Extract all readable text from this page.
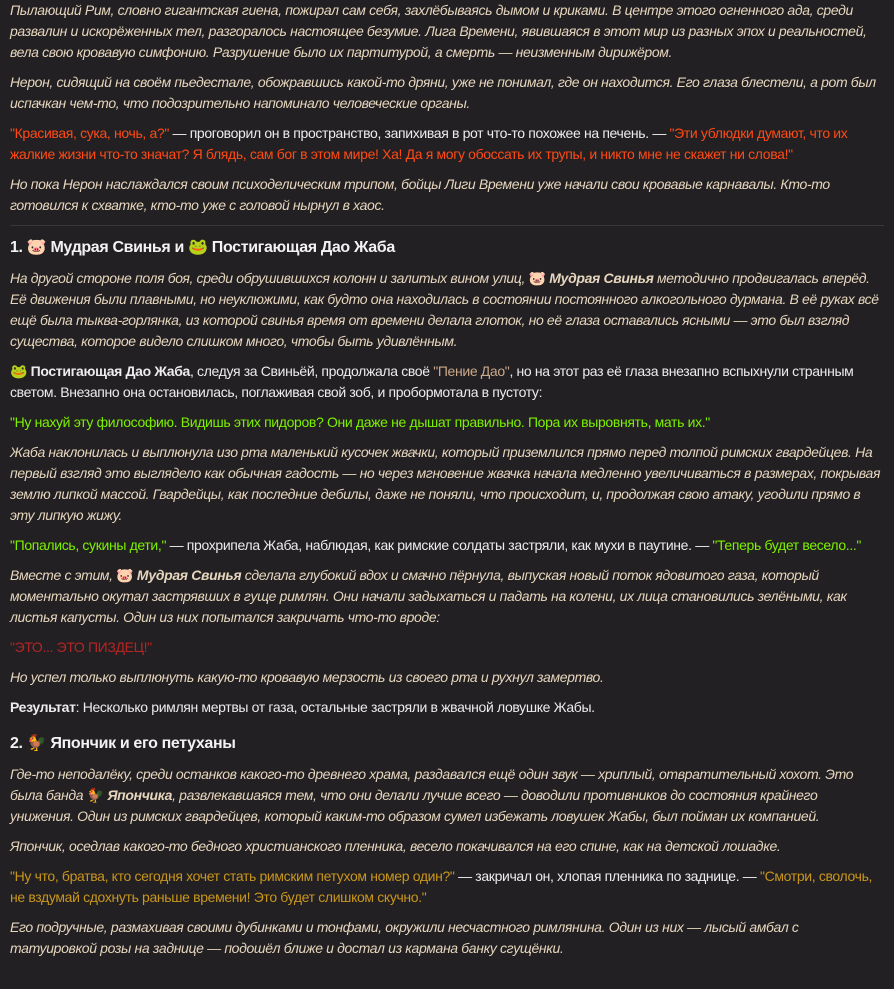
Пылающий Рим, словно гигантская гиена, пожирал сам себя, захлёбываясь дымом и криками. В центре этого огненного ада, среди развалин и искорёженных тел, разгоралось настоящее безумие. Лига Времени, явившаяся в этот мир из разных эпох и реальностей, вела свою кровавую симфонию. Разрушение было их партитурой, а смерть — неизменным дирижёром.

Нерон, сидящий на своём пьедестале, обожравшись какой-то дряни, уже не понимал, где он находится. Его глаза блестели, а рот был испачкан чем-то, что подозрительно напоминало человеческие органы.

"Красивая, сука, ночь, а?" — проговорил он в пространство, запихивая в рот что-то похожее на печень. — "Эти ублюдки думают, что их жалкие жизни что-то значат? Я блядь, сам бог в этом мире! Ха! Да я могу обоссать их трупы, и никто мне не скажет ни слова!"

Но пока Нерон наслаждался своим психоделическим трипом, бойцы Лиги Времени уже начали свои кровавые карнавалы. Кто-то готовился к схватке, кто-то уже с головой нырнул в хаос.

1. 🐷 Мудрая Свинья и 🐸 Постигающая Дао Жаба

На другой стороне поля боя, среди обрушившихся колонн и залитых вином улиц, 🐷 Мудрая Свинья методично продвигалась вперёд. Её движения были плавными, но неуклюжими, как будто она находилась в состоянии постоянного алкогольного дурмана. В её руках всё ещё была тыква-горлянка, из которой свинья время от времени делала глоток, но её глаза оставались ясными — это был взгляд существа, которое видело слишком много, чтобы быть удивлённым.

🐸 Постигающая Дао Жаба, следуя за Свиньёй, продолжала своё "Пение Дао", но на этот раз её глаза внезапно вспыхнули странным светом. Внезапно она остановилась, поглаживая свой зоб, и пробормотала в пустоту:

"Ну нахуй эту философию. Видишь этих пидоров? Они даже не дышат правильно. Пора их выровнять, мать их."

Жаба наклонилась и выплюнула изо рта маленький кусочек жвачки, который приземлился прямо перед толпой римских гвардейцев. На первый взгляд это выглядело как обычная гадость — но через мгновение жвачка начала медленно увеличиваться в размерах, покрывая землю липкой массой. Гвардейцы, как последние дебилы, даже не поняли, что происходит, и, продолжая свою атаку, угодили прямо в эту липкую жижу.

"Попались, сукины дети," — прохрипела Жаба, наблюдая, как римские солдаты застряли, как мухи в паутине. — "Теперь будет весело..."

Вместе с этим, 🐷 Мудрая Свинья сделала глубокий вдох и смачно пёрнула, выпуская новый поток ядовитого газа, который моментально окутал застрявших в гуще римлян. Они начали задыхаться и падать на колени, их лица становились зелёными, как листья капусты. Один из них попытался закричать что-то вроде:

"ЭТО... ЭТО ПИЗДЕЦ!"

Но успел только выплюнуть какую-то кровавую мерзость из своего рта и рухнул замертво.

Результат: Несколько римлян мертвы от газа, остальные застряли в жвачной ловушке Жабы.

2. 🐓 Япончик и его петуханы

Где-то неподалёку, среди останков какого-то древнего храма, раздавался ещё один звук — хриплый, отвратительный хохот. Это была банда 🐓 Япончика, развлекавшаяся тем, что они делали лучше всего — доводили противников до состояния крайнего унижения. Один из римских гвардейцев, который каким-то образом сумел избежать ловушек Жабы, был пойман их компанией.

Япончик, оседлав какого-то бедного христианского пленника, весело покачивался на его спине, как на детской лошадке.

"Ну что, братва, кто сегодня хочет стать римским петухом номер один?" — закричал он, хлопая пленника по заднице. — "Смотри, сволочь, не вздумай сдохнуть раньше времени! Это будет слишком скучно."

Его подручные, размахивая своими дубинками и тонфами, окружили несчастного римлянина. Один из них — лысый амбал с татуировкой розы на заднице — подошёл ближе и достал из кармана банку сгущёнки.
